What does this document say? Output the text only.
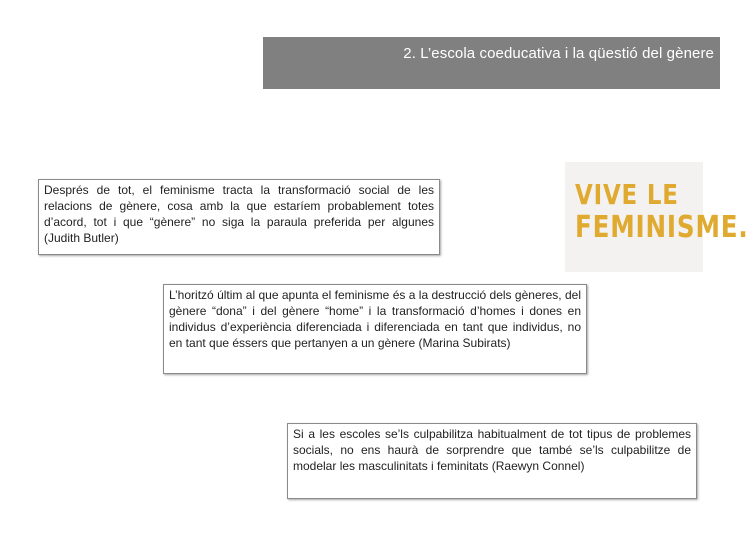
2. L’escola coeducativa i la qüestió del gènere
Després de tot, el feminisme tracta la transformació social de les relacions de gènere, cosa amb la que estaríem probablement totes d’acord, tot i que “gènere” no siga la paraula preferida per algunes (Judith Butler)
VIVE LE
FEMINISME.
L’horitzó últim al que apunta el feminisme és a la destrucció dels gèneres, del gènere “dona” i del gènere “home” i la transformació d’homes i dones en individus d’experiència diferenciada i diferenciada en tant que individus, no en tant que éssers que pertanyen a un gènere (Marina Subirats)
Si a les escoles se’ls culpabilitza habitualment de tot tipus de problemes socials, no ens haurà de sorprendre que també se’ls culpabilitze de modelar les masculinitats i feminitats (Raewyn Connel)
